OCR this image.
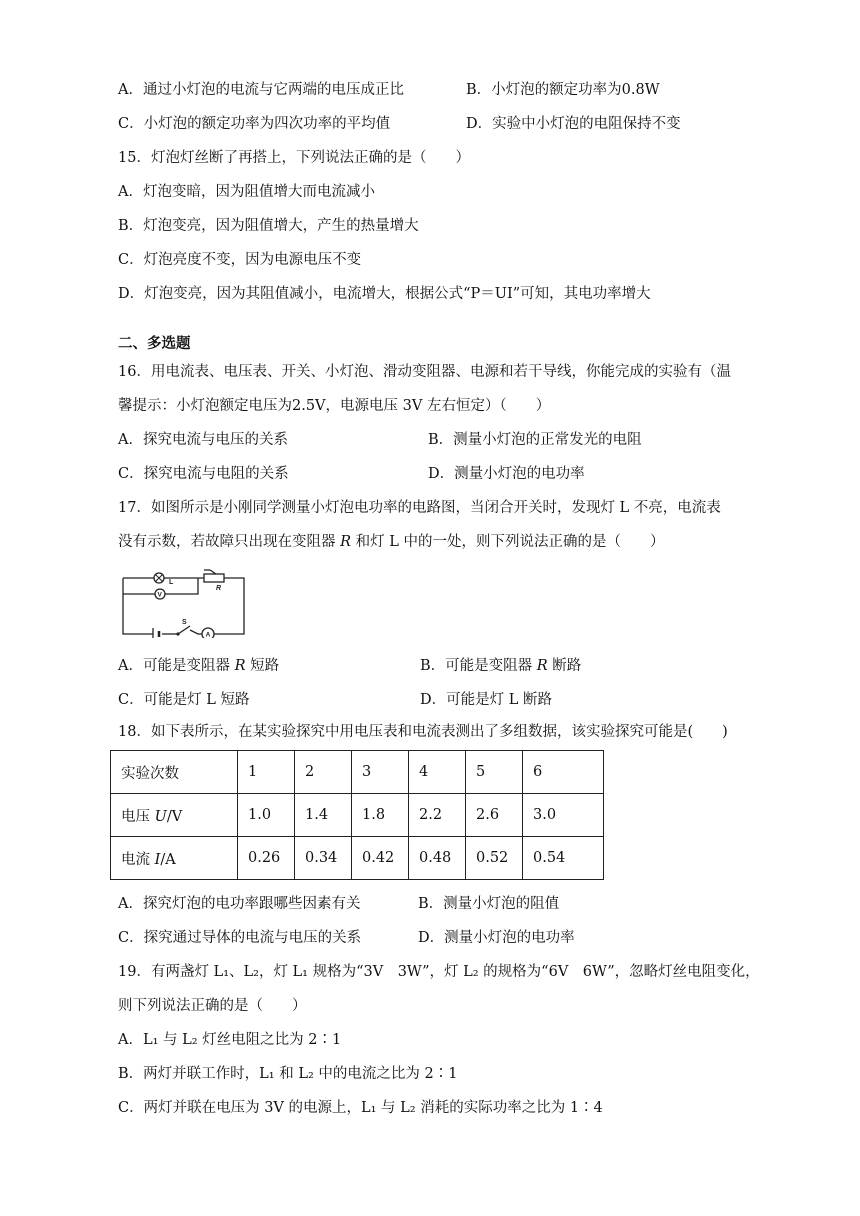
A．通过小灯泡的电流与它两端的电压成正比	B．小灯泡的额定功率为0.8W
C．小灯泡的额定功率为四次功率的平均值	D．实验中小灯泡的电阻保持不变
15．灯泡灯丝断了再搭上，下列说法正确的是（　　）
A．灯泡变暗，因为阻值增大而电流减小
B．灯泡变亮，因为阻值增大，产生的热量增大
C．灯泡亮度不变，因为电源电压不变
D．灯泡变亮，因为其阻值减小，电流增大，根据公式“P＝UI”可知，其电功率增大
二、多选题
16．用电流表、电压表、开关、小灯泡、滑动变阻器、电源和若干导线，你能完成的实验有（温
馨提示：小灯泡额定电压为2.5V，电源电压 3V 左右恒定）（　　）
A．探究电流与电压的关系	B．测量小灯泡的正常发光的电阻
C．探究电流与电阻的关系	D．测量小灯泡的电功率
17．如图所示是小刚同学测量小灯泡电功率的电路图，当闭合开关时，发现灯 L 不亮，电流表
没有示数，若故障只出现在变阻器 R 和灯 L 中的一处，则下列说法正确的是（　　）
L
R
V
S
A
A．可能是变阻器 R 短路	B．可能是变阻器 R 断路
C．可能是灯 L 短路	D．可能是灯 L 断路
18．如下表所示，在某实验探究中用电压表和电流表测出了多组数据，该实验探究可能是(　　)
实验次数	1	2	3	4	5	6
电压 U/V	1.0	1.4	1.8	2.2	2.6	3.0
电流 I/A	0.26	0.34	0.42	0.48	0.52	0.54
A．探究灯泡的电功率跟哪些因素有关	B．测量小灯泡的阻值
C．探究通过导体的电流与电压的关系	D．测量小灯泡的电功率
19．有两盏灯 L₁、L₂，灯 L₁ 规格为“3V　3W”，灯 L₂ 的规格为“6V　6W”，忽略灯丝电阻变化，
则下列说法正确的是（　　）
A．L₁ 与 L₂ 灯丝电阻之比为 2∶1
B．两灯并联工作时，L₁ 和 L₂ 中的电流之比为 2∶1
C．两灯并联在电压为 3V 的电源上，L₁ 与 L₂ 消耗的实际功率之比为 1∶4
